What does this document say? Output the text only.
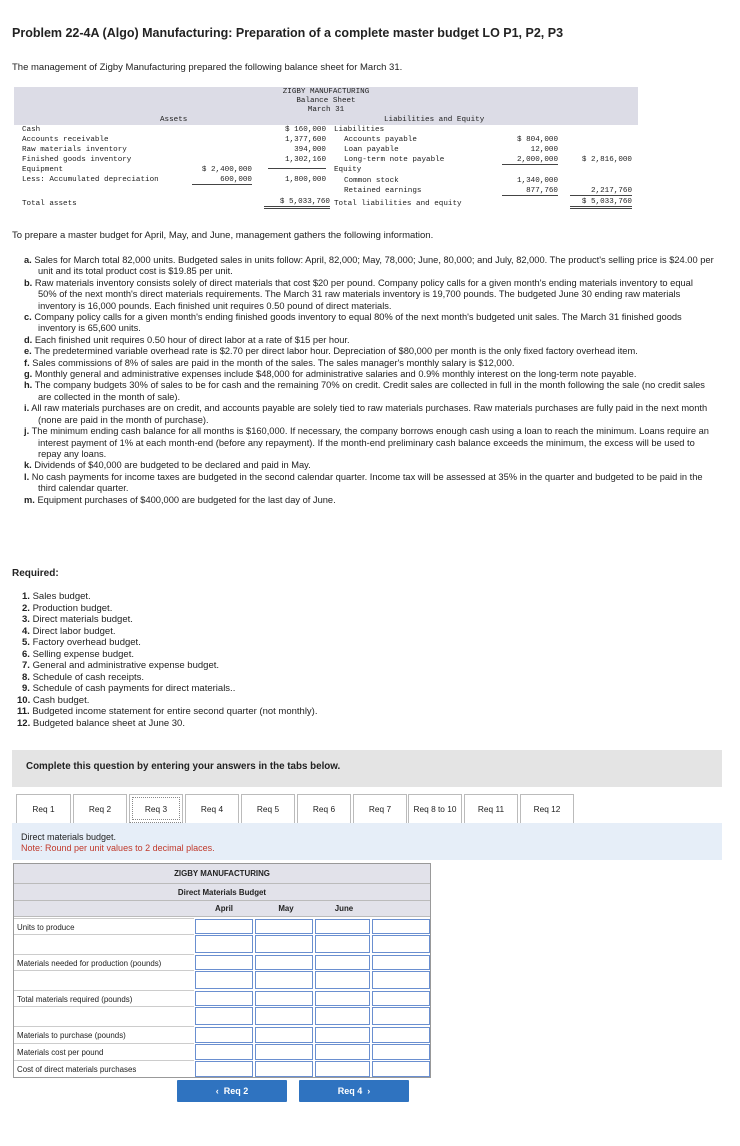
Problem 22-4A (Algo) Manufacturing: Preparation of a complete master budget LO P1, P2, P3
The management of Zigby Manufacturing prepared the following balance sheet for March 31.
ZIGBY MANUFACTURING
Balance Sheet
March 31
Assets	Liabilities and Equity
Cash	$ 160,000
Accounts receivable	1,377,600
Raw materials inventory	394,000
Finished goods inventory	1,302,160
Equipment	$ 2,400,000
Less: Accumulated depreciation	600,000	1,800,000
Total assets	$ 5,033,760
Liabilities
Accounts payable	$ 804,000
Loan payable	12,000
Long-term note payable	2,000,000	$ 2,816,000
Equity
Common stock	1,340,000
Retained earnings	877,760	2,217,760
Total liabilities and equity	$ 5,033,760
To prepare a master budget for April, May, and June, management gathers the following information.
a. Sales for March total 82,000 units. Budgeted sales in units follow: April, 82,000; May, 78,000; June, 80,000; and July, 82,000. The product's selling price is $24.00 per unit and its total product cost is $19.85 per unit.
b. Raw materials inventory consists solely of direct materials that cost $20 per pound. Company policy calls for a given month's ending materials inventory to equal 50% of the next month's direct materials requirements. The March 31 raw materials inventory is 19,700 pounds. The budgeted June 30 ending raw materials inventory is 16,000 pounds. Each finished unit requires 0.50 pound of direct materials.
c. Company policy calls for a given month's ending finished goods inventory to equal 80% of the next month's budgeted unit sales. The March 31 finished goods inventory is 65,600 units.
d. Each finished unit requires 0.50 hour of direct labor at a rate of $15 per hour.
e. The predetermined variable overhead rate is $2.70 per direct labor hour. Depreciation of $80,000 per month is the only fixed factory overhead item.
f. Sales commissions of 8% of sales are paid in the month of the sales. The sales manager's monthly salary is $12,000.
g. Monthly general and administrative expenses include $48,000 for administrative salaries and 0.9% monthly interest on the long-term note payable.
h. The company budgets 30% of sales to be for cash and the remaining 70% on credit. Credit sales are collected in full in the month following the sale (no credit sales are collected in the month of sale).
i. All raw materials purchases are on credit, and accounts payable are solely tied to raw materials purchases. Raw materials purchases are fully paid in the next month (none are paid in the month of purchase).
j. The minimum ending cash balance for all months is $160,000. If necessary, the company borrows enough cash using a loan to reach the minimum. Loans require an interest payment of 1% at each month-end (before any repayment). If the month-end preliminary cash balance exceeds the minimum, the excess will be used to repay any loans.
k. Dividends of $40,000 are budgeted to be declared and paid in May.
l. No cash payments for income taxes are budgeted in the second calendar quarter. Income tax will be assessed at 35% in the quarter and budgeted to be paid in the third calendar quarter.
m. Equipment purchases of $400,000 are budgeted for the last day of June.
Required:
1. Sales budget.
2. Production budget.
3. Direct materials budget.
4. Direct labor budget.
5. Factory overhead budget.
6. Selling expense budget.
7. General and administrative expense budget.
8. Schedule of cash receipts.
9. Schedule of cash payments for direct materials..
10. Cash budget.
11. Budgeted income statement for entire second quarter (not monthly).
12. Budgeted balance sheet at June 30.
Complete this question by entering your answers in the tabs below.
Req 1	Req 2	Req 3	Req 4	Req 5	Req 6	Req 7	Req 8 to 10	Req 11	Req 12
Direct materials budget.
Note: Round per unit values to 2 decimal places.
ZIGBY MANUFACTURING
Direct Materials Budget
April	May	June
Units to produce
Materials needed for production (pounds)
Total materials required (pounds)
Materials to purchase (pounds)
Materials cost per pound
Cost of direct materials purchases
‹  Req 2	Req 4  ›
